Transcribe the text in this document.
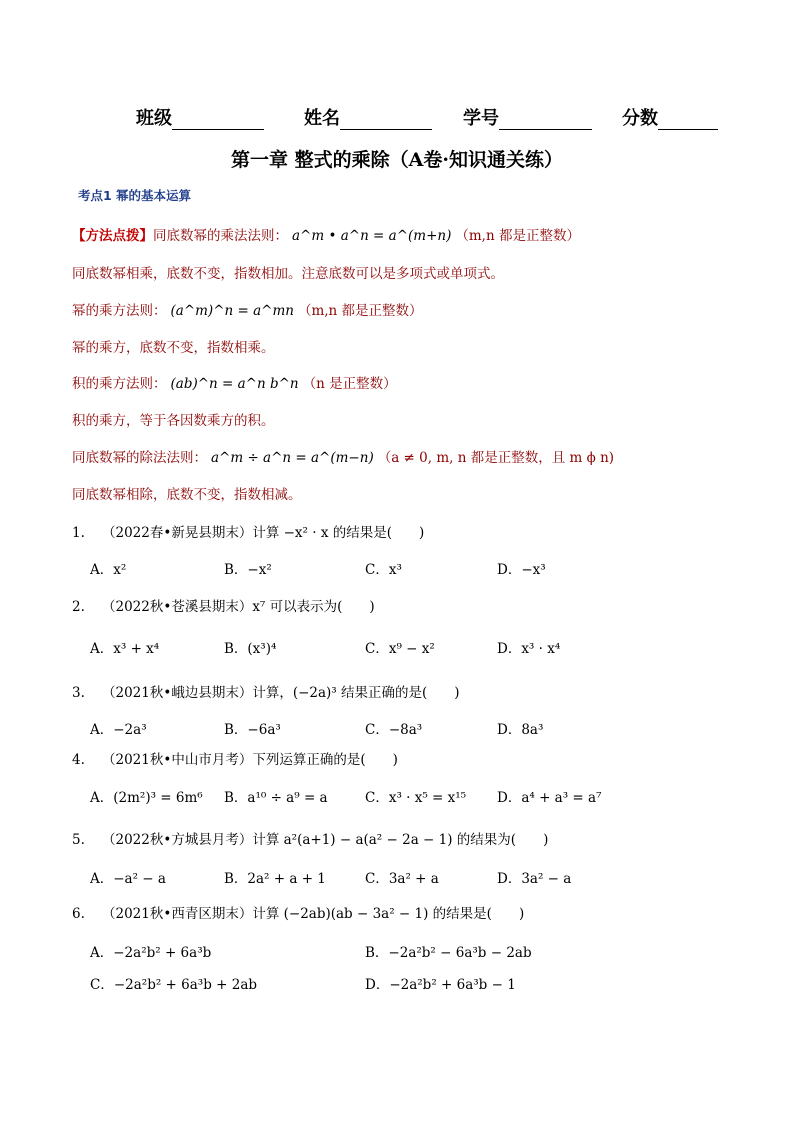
班级	姓名	学号	分数
第一章 整式的乘除（A卷·知识通关练）
考点1 幂的基本运算
【方法点拨】同底数幂的乘法法则： a^m • a^n = a^(m+n) （m,n 都是正整数）
同底数幂相乘，底数不变，指数相加。注意底数可以是多项式或单项式。
幂的乘方法则： (a^m)^n = a^mn （m,n 都是正整数）
幂的乘方，底数不变，指数相乘。
积的乘方法则： (ab)^n = a^n b^n （n 是正整数）
积的乘方，等于各因数乘方的积。
同底数幂的除法法则： a^m ÷ a^n = a^(m−n) （a ≠ 0, m, n 都是正整数，且 m ϕ n)
同底数幂相除，底数不变，指数相减。
1. （2022春•新晃县期末）计算 −x² · x 的结果是(　　)
A．x²	B．−x²	C．x³	D．−x³
2. （2022秋•苍溪县期末）x⁷ 可以表示为(　　)
A．x³ + x⁴	B．(x³)⁴	C．x⁹ − x²	D．x³ · x⁴
3. （2021秋•峨边县期末）计算，(−2a)³ 结果正确的是(　　)
A．−2a³	B．−6a³	C．−8a³	D．8a³
4. （2021秋•中山市月考）下列运算正确的是(　　)
A．(2m²)³ = 6m⁶ B．a¹⁰ ÷ a⁹ = a	C．x³ · x⁵ = x¹⁵ D．a⁴ + a³ = a⁷
5. （2022秋•方城县月考）计算 a²(a+1) − a(a² − 2a − 1) 的结果为(　　)
A．−a² − a	B．2a² + a + 1	C．3a² + a	D．3a² − a
6. （2021秋•西青区期末）计算 (−2ab)(ab − 3a² − 1) 的结果是(　　)
A．−2a²b² + 6a³b	B．−2a²b² − 6a³b − 2ab
C．−2a²b² + 6a³b + 2ab	D．−2a²b² + 6a³b − 1
